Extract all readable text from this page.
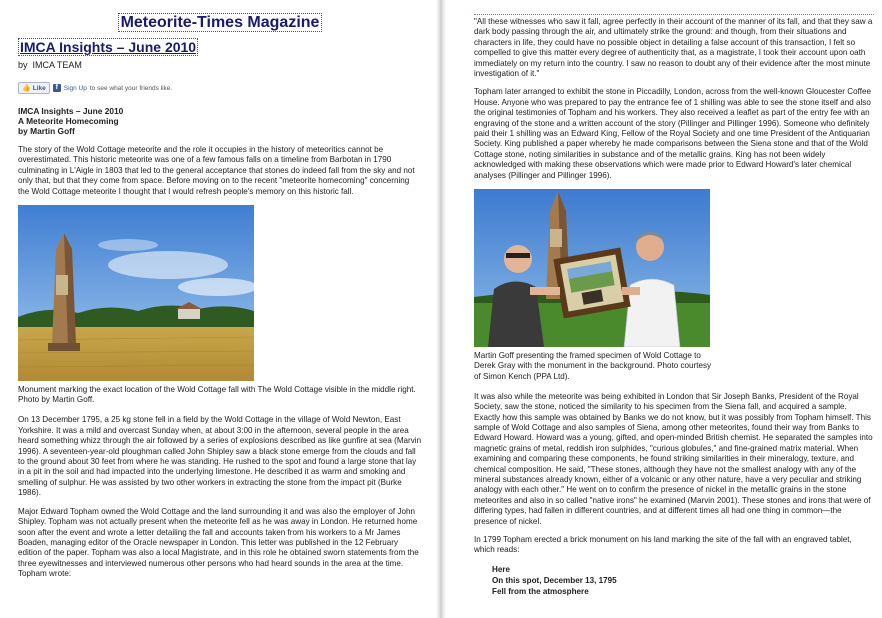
Meteorite-Times Magazine
IMCA Insights – June 2010
by IMCA TEAM
👍 Like	f Sign Up to see what your friends like.
IMCA Insights – June 2010
A Meteorite Homecoming
by Martin Goff

The story of the Wold Cottage meteorite and the role it occupies in the history of meteoritics cannot be overestimated. This historic meteorite was one of a few famous falls on a timeline from Barbotan in 1790 culminating in L'Aigle in 1803 that led to the general acceptance that stones do indeed fall from the sky and not only that, but that they come from space. Before moving on to the recent "meteorite homecoming" concerning the Wold Cottage meteorite I thought that I would refresh people's memory on this historic fall.

Monument marking the exact location of the Wold Cottage fall with The Wold Cottage visible in the middle right. Photo by Martin Goff.

On 13 December 1795, a 25 kg stone fell in a field by the Wold Cottage in the village of Wold Newton, East Yorkshire. It was a mild and overcast Sunday when, at about 3:00 in the afternoon, several people in the area heard something whizz through the air followed by a series of explosions described as like gunfire at sea (Marvin 1996). A seventeen-year-old ploughman called John Shipley saw a black stone emerge from the clouds and fall to the ground about 30 feet from where he was standing. He rushed to the spot and found a large stone that lay in a pit in the soil and had impacted into the underlying limestone. He described it as warm and smoking and smelling of sulphur. He was assisted by two other workers in extracting the stone from the impact pit (Burke 1986).

Major Edward Topham owned the Wold Cottage and the land surrounding it and was also the employer of John Shipley. Topham was not actually present when the meteorite fell as he was away in London. He returned home soon after the event and wrote a letter detailing the fall and accounts taken from his workers to a Mr James Boaden, managing editor of the Oracle newspaper in London. This letter was published in the 12 February edition of the paper. Topham was also a local Magistrate, and in this role he obtained sworn statements from the three eyewitnesses and interviewed numerous other persons who had heard sounds in the area at the time. Topham wrote:

"All these witnesses who saw it fall, agree perfectly in their account of the manner of its fall, and that they saw a dark body passing through the air, and ultimately strike the ground: and though, from their situations and characters in life, they could have no possible object in detailing a false account of this transaction, I felt so compelled to give this matter every degree of authenticity that, as a magistrate, I took their account upon oath immediately on my return into the country. I saw no reason to doubt any of their evidence after the most minute investigation of it."

Topham later arranged to exhibit the stone in Piccadilly, London, across from the well-known Gloucester Coffee House. Anyone who was prepared to pay the entrance fee of 1 shilling was able to see the stone itself and also the original testimonies of Topham and his workers. They also received a leaflet as part of the entry fee with an engraving of the stone and a written account of the story (Pillinger and Pillinger 1996). Someone who definitely paid their 1 shilling was an Edward King, Fellow of the Royal Society and one time President of the Antiquarian Society. King published a paper whereby he made comparisons between the Siena stone and that of the Wold Cottage stone, noting similarities in substance and of the metallic grains. King has not been widely acknowledged with making these observations which were made prior to Edward Howard's later chemical analyses (Pillinger and Pillinger 1996).

Martin Goff presenting the framed specimen of Wold Cottage to Derek Gray with the monument in the background. Photo courtesy of Simon Kench (PPA Ltd).

It was also while the meteorite was being exhibited in London that Sir Joseph Banks, President of the Royal Society, saw the stone, noticed the similarity to his specimen from the Siena fall, and acquired a sample. Exactly how this sample was obtained by Banks we do not know, but it was possibly from Topham himself. This sample of Wold Cottage and also samples of Siena, among other meteorites, found their way from Banks to Edward Howard. Howard was a young, gifted, and open-minded British chemist. He separated the samples into magnetic grains of metal, reddish iron sulphides, "curious globules," and fine-grained matrix material. When examining and comparing these components, he found striking similarities in their mineralogy, texture, and chemical composition. He said, "These stones, although they have not the smallest analogy with any of the mineral substances already known, either of a volcanic or any other nature, have a very peculiar and striking analogy with each other." He went on to confirm the presence of nickel in the metallic grains in the stone meteorites and also in so called "native irons" he examined (Marvin 2001). These stones and irons that were of differing types, had fallen in different countries, and at different times all had one thing in common—the presence of nickel.

In 1799 Topham erected a brick monument on his land marking the site of the fall with an engraved tablet, which reads:

Here
On this spot, December 13, 1795
Fell from the atmosphere
